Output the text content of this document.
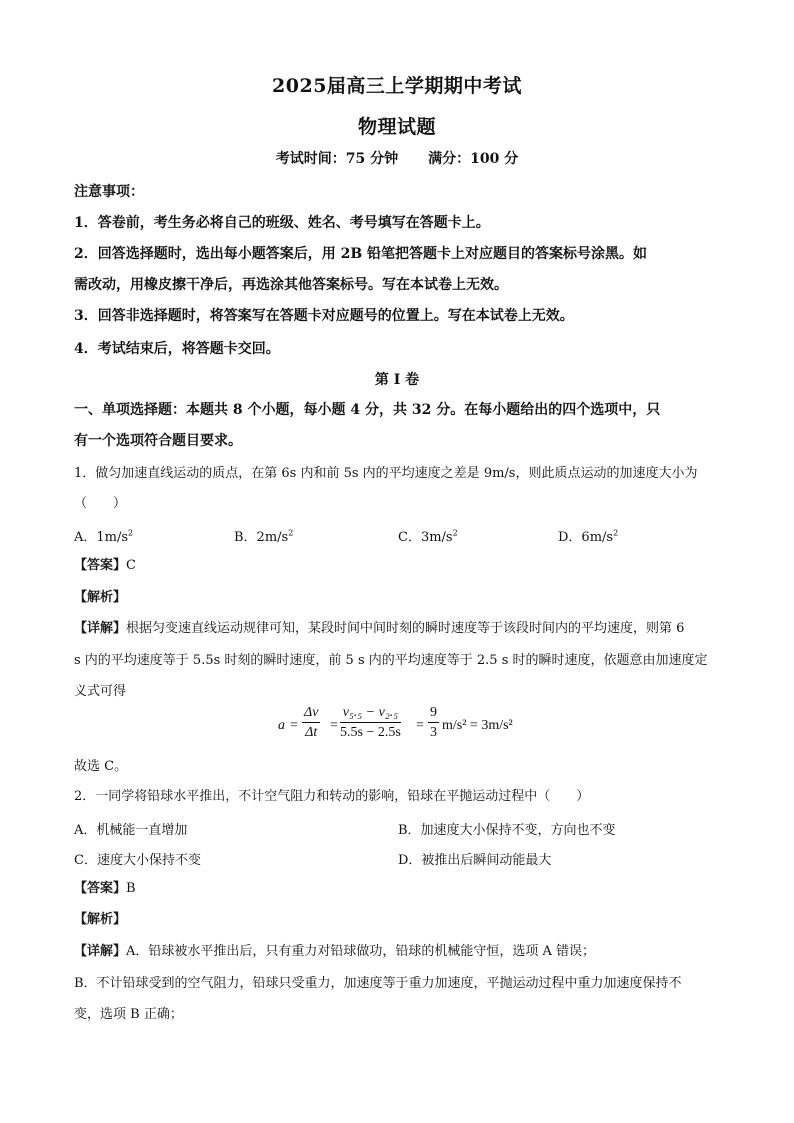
2025届高三上学期期中考试
物理试题
考试时间：75 分钟 满分：100 分
注意事项：
1．答卷前，考生务必将自己的班级、姓名、考号填写在答题卡上。
2．回答选择题时，选出每小题答案后，用 2B 铅笔把答题卡上对应题目的答案标号涂黑。如
需改动，用橡皮擦干净后，再选涂其他答案标号。写在本试卷上无效。
3．回答非选择题时，将答案写在答题卡对应题号的位置上。写在本试卷上无效。
4．考试结束后，将答题卡交回。
第 I 卷
一、单项选择题：本题共 8 个小题，每小题 4 分，共 32 分。在每小题给出的四个选项中，只
有一个选项符合题目要求。
1．做匀加速直线运动的质点，在第 6s 内和前 5s 内的平均速度之差是 9m/s，则此质点运动的加速度大小为
（　　）
A．$1m/s^2$	B．$2m/s^2$	C．$3m/s^2$	D．$6m/s^2$
【答案】C
【解析】
【详解】根据匀变速直线运动规律可知，某段时间中间时刻的瞬时速度等于该段时间内的平均速度，则第 6
s 内的平均速度等于 5.5s 时刻的瞬时速度，前 5 s 内的平均速度等于 2.5 s 时的瞬时速度，依题意由加速度定
义式可得
$a = \frac{\Delta v}{\Delta t} = \frac{\text{v₅.₅ − v₂.₅}}{5.5s - 2.5s} = \frac{9}{3} m/s^2 = 3m/s^2$
故选 C。
2．一同学将铅球水平推出，不计空气阻力和转动的影响，铅球在平抛运动过程中（　　）
A．机械能一直增加	B．加速度大小保持不变，方向也不变
C．速度大小保持不变	D．被推出后瞬间动能最大
【答案】B
【解析】
【详解】A．铅球被水平推出后，只有重力对铅球做功，铅球的机械能守恒，选项 A 错误；
B．不计铅球受到的空气阻力，铅球只受重力，加速度等于重力加速度，平抛运动过程中重力加速度保持不
变，选项 B 正确；
